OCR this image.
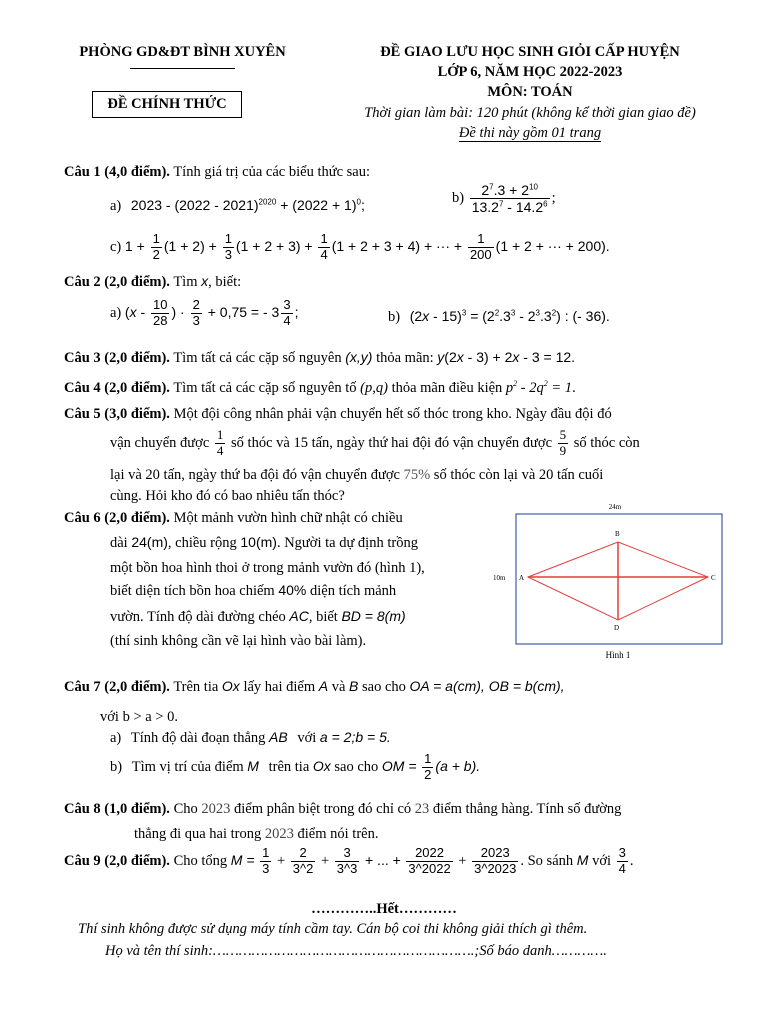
PHÒNG GD&ĐT BÌNH XUYÊN
ĐỀ CHÍNH THỨC
ĐỀ GIAO LƯU HỌC SINH GIỎI CẤP HUYỆN
LỚP 6, NĂM HỌC 2022-2023
MÔN: TOÁN
Thời gian làm bài: 120 phút (không kể thời gian giao đề)
Đề thi này gồm 01 trang
Câu 1 (4,0 điểm). Tính giá trị của các biểu thức sau:
a) $2023 - (2022 - 2021)^{2020} + (2022 + 1)^0$;	$b) \frac{2^7.3 + 2^{10}}{13.2^7 - 14.2^6}$ ;
c) $1 + \frac{1}{2} (1 + 2) + \frac{1}{3} (1 + 2 + 3) + \frac{1}{4} (1 + 2 + 3 + 4)$ + ··· + $\frac{1}{200} (1 + 2$ + ··· + 200).
Câu 2 (2,0 điểm). Tìm x, biết:
a) ($x - \frac{10}{28}$ ) · $\frac{2}{3} + 0,75$ = - $3 \frac{3}{4}$ ;	b) $(2x - 15)^3 = (2^2.3^3 - 2^3.3^2)$ : (- 36).
Câu 3 (2,0 điểm). Tìm tất cả các cặp số nguyên (x,y) thỏa mãn: y(2x - 3) + 2x - 3 = 12.
Câu 4 (2,0 điểm). Tìm tất cả các cặp số nguyên tố (p,q) thỏa mãn điều kiện $p^2 - 2q^2 = 1$.
Câu 5 (3,0 điểm). Một đội công nhân phải vận chuyển hết số thóc trong kho. Ngày đầu đội đó
vận chuyển được $\frac{1}{4}$ số thóc và 15 tấn, ngày thứ hai đội đó vận chuyển được $\frac{5}{9}$ số thóc còn
lại và 20 tấn, ngày thứ ba đội đó vận chuyển được 75% số thóc còn lại và 20 tấn cuối
cùng. Hỏi kho đó có bao nhiêu tấn thóc?
Câu 6 (2,0 điểm). Một mảnh vườn hình chữ nhật có chiều
dài 24(m), chiều rộng 10(m). Người ta dự định trồng
một bồn hoa hình thoi ở trong mảnh vườn đó (hình 1),
biết diện tích bồn hoa chiếm 40% diện tích mảnh
vườn. Tính độ dài đường chéo AC, biết BD = 8(m)
(thí sinh không cần vẽ lại hình vào bài làm).
24m
10m A
B
C
D
Hình 1
Câu 7 (2,0 điểm). Trên tia Ox lấy hai điểm A và B sao cho OA = a(cm), OB = b(cm),
với b > a > 0.
a) Tính độ dài đoạn thẳng AB với a = 2;b = 5.
b) Tìm vị trí của điểm M trên tia Ox sao cho OM = $\frac{1}{2} (a + b)$.
Câu 8 (1,0 điểm). Cho 2023 điểm phân biệt trong đó chỉ có 23 điểm thẳng hàng. Tính số đường
thẳng đi qua hai trong 2023 điểm nói trên.
Câu 9 (2,0 điểm). Cho tổng $M = \frac{1}{3} + \frac{2}{3\^{}2} + \frac{3}{3\^{}3}$ + ... + $\frac{2022}{3\^{}2022} + \frac{2023}{3\^{}2023}$ . So sánh M với $\frac{3}{4}$ .
…………..Hết…………
Thí sinh không được sử dụng máy tính cầm tay. Cán bộ coi thi không giải thích gì thêm.
Họ và tên thí sinh:…………………………………………………….;Số báo danh………….
